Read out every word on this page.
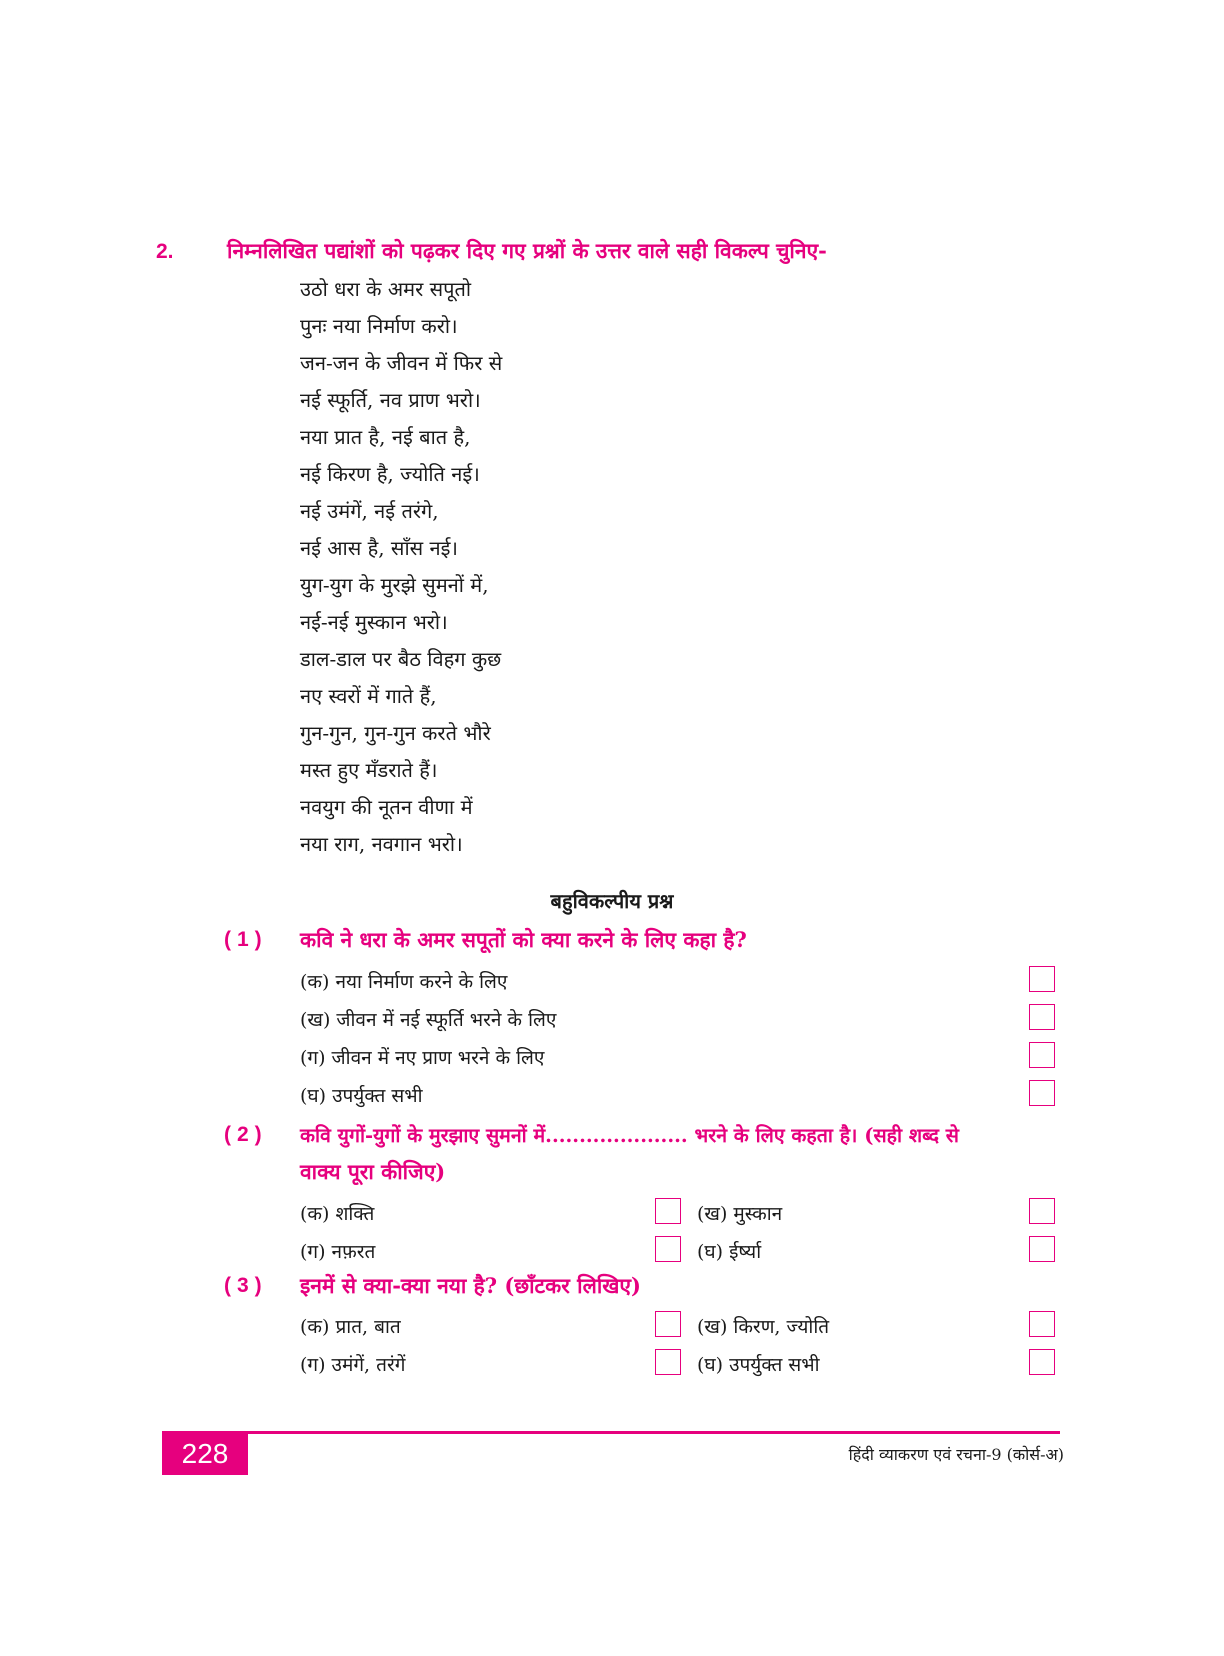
2.	निम्नलिखित पद्यांशों को पढ़कर दिए गए प्रश्नों के उत्तर वाले सही विकल्प चुनिए-
उठो धरा के अमर सपूतो
पुनः नया निर्माण करो।
जन-जन के जीवन में फिर से
नई स्फूर्ति, नव प्राण भरो।
नया प्रात है, नई बात है,
नई किरण है, ज्योति नई।
नई उमंगें, नई तरंगे,
नई आस है, साँस नई।
युग-युग के मुरझे सुमनों में,
नई-नई मुस्कान भरो।
डाल-डाल पर बैठ विहग कुछ
नए स्वरों में गाते हैं,
गुन-गुन, गुन-गुन करते भौरे
मस्त हुए मँडराते हैं।
नवयुग की नूतन वीणा में
नया राग, नवगान भरो।
बहुविकल्पीय प्रश्न
(1) कवि ने धरा के अमर सपूतों को क्या करने के लिए कहा है?
(क) नया निर्माण करने के लिए
(ख) जीवन में नई स्फूर्ति भरने के लिए
(ग) जीवन में नए प्राण भरने के लिए
(घ) उपर्युक्त सभी
(2) कवि युगों-युगों के मुरझाए सुमनों में..................... भरने के लिए कहता है। (सही शब्द से
वाक्य पूरा कीजिए)
(क) शक्ति	(ख) मुस्कान
(ग) नफ़रत	(घ) ईर्ष्या
(3) इनमें से क्या-क्या नया है? (छाँटकर लिखिए)
(क) प्रात, बात	(ख) किरण, ज्योति
(ग) उमंगें, तरंगें	(घ) उपर्युक्त सभी
228	हिंदी व्याकरण एवं रचना-9 (कोर्स-अ)
